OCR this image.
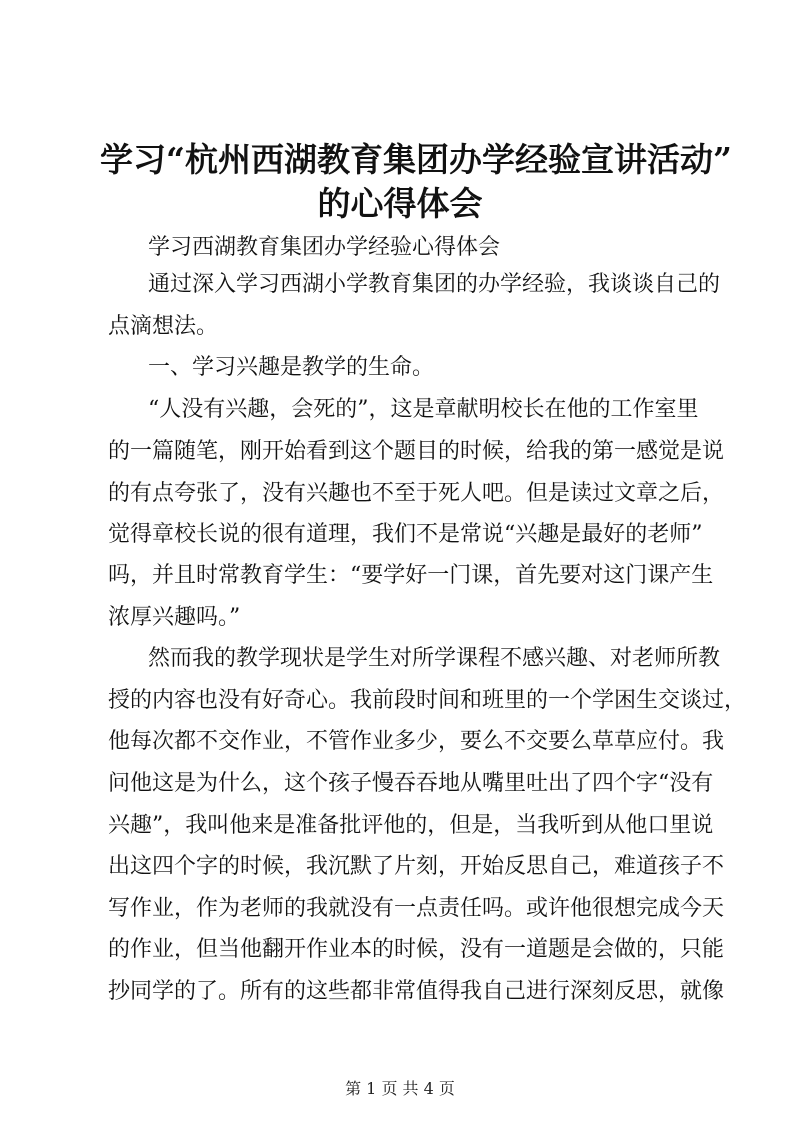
学习“杭州西湖教育集团办学经验宣讲活动”
的心得体会

学习西湖教育集团办学经验心得体会

通过深入学习西湖小学教育集团的办学经验，我谈谈自己的

点滴想法。

一、学习兴趣是教学的生命。

“人没有兴趣，会死的”，这是章献明校长在他的工作室里

的一篇随笔，刚开始看到这个题目的时候，给我的第一感觉是说

的有点夸张了，没有兴趣也不至于死人吧。但是读过文章之后，

觉得章校长说的很有道理，我们不是常说“兴趣是最好的老师”

吗，并且时常教育学生：“要学好一门课，首先要对这门课产生

浓厚兴趣吗。”

然而我的教学现状是学生对所学课程不感兴趣、对老师所教

授的内容也没有好奇心。我前段时间和班里的一个学困生交谈过，

他每次都不交作业，不管作业多少，要么不交要么草草应付。我

问他这是为什么，这个孩子慢吞吞地从嘴里吐出了四个字“没有

兴趣”，我叫他来是准备批评他的，但是，当我听到从他口里说

出这四个字的时候，我沉默了片刻，开始反思自己，难道孩子不

写作业，作为老师的我就没有一点责任吗。或许他很想完成今天

的作业，但当他翻开作业本的时候，没有一道题是会做的，只能

抄同学的了。所有的这些都非常值得我自己进行深刻反思，就像

第 1 页 共 4 页
